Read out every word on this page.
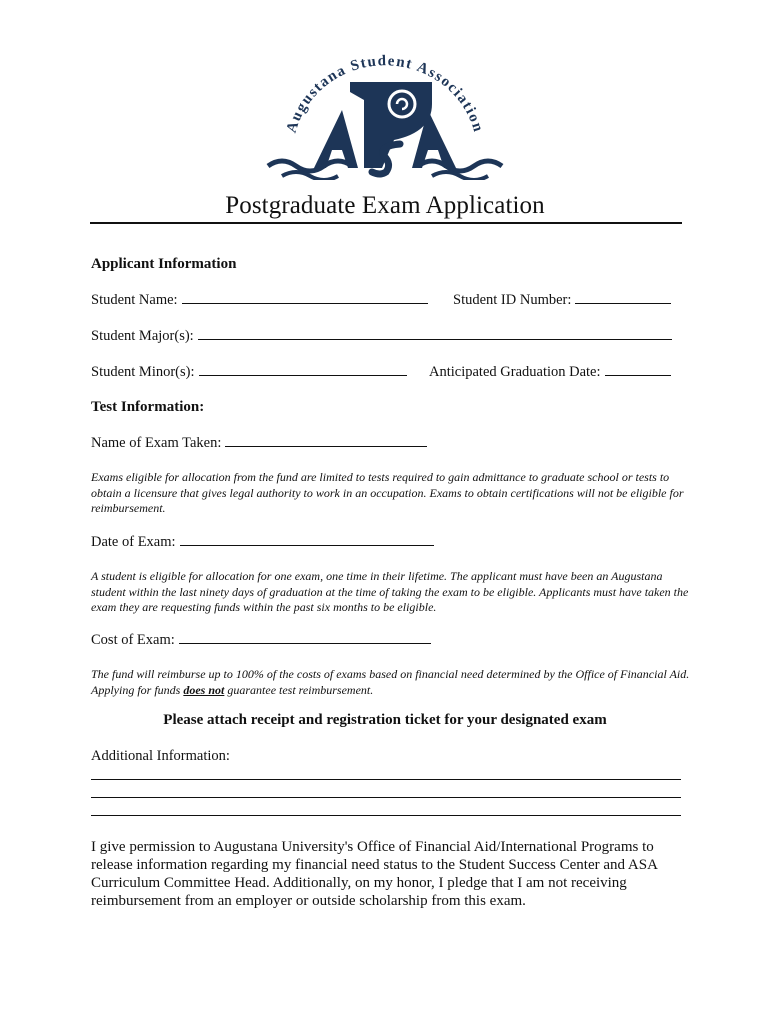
Augustana Student Association
Postgraduate Exam Application
Applicant Information
Student Name:	Student ID Number:
Student Major(s):
Student Minor(s):	Anticipated Graduation Date:
Test Information:
Name of Exam Taken:
Exams eligible for allocation from the fund are limited to tests required to gain admittance to graduate school or tests to obtain a licensure that gives legal authority to work in an occupation. Exams to obtain certifications will not be eligible for reimbursement.
Date of Exam:
A student is eligible for allocation for one exam, one time in their lifetime. The applicant must have been an Augustana student within the last ninety days of graduation at the time of taking the exam to be eligible. Applicants must have taken the exam they are requesting funds within the past six months to be eligible.
Cost of Exam:
The fund will reimburse up to 100% of the costs of exams based on financial need determined by the Office of Financial Aid. Applying for funds does not guarantee test reimbursement.
Please attach receipt and registration ticket for your designated exam
Additional Information:
I give permission to Augustana University's Office of Financial Aid/International Programs to release information regarding my financial need status to the Student Success Center and ASA Curriculum Committee Head. Additionally, on my honor, I pledge that I am not receiving reimbursement from an employer or outside scholarship from this exam.
